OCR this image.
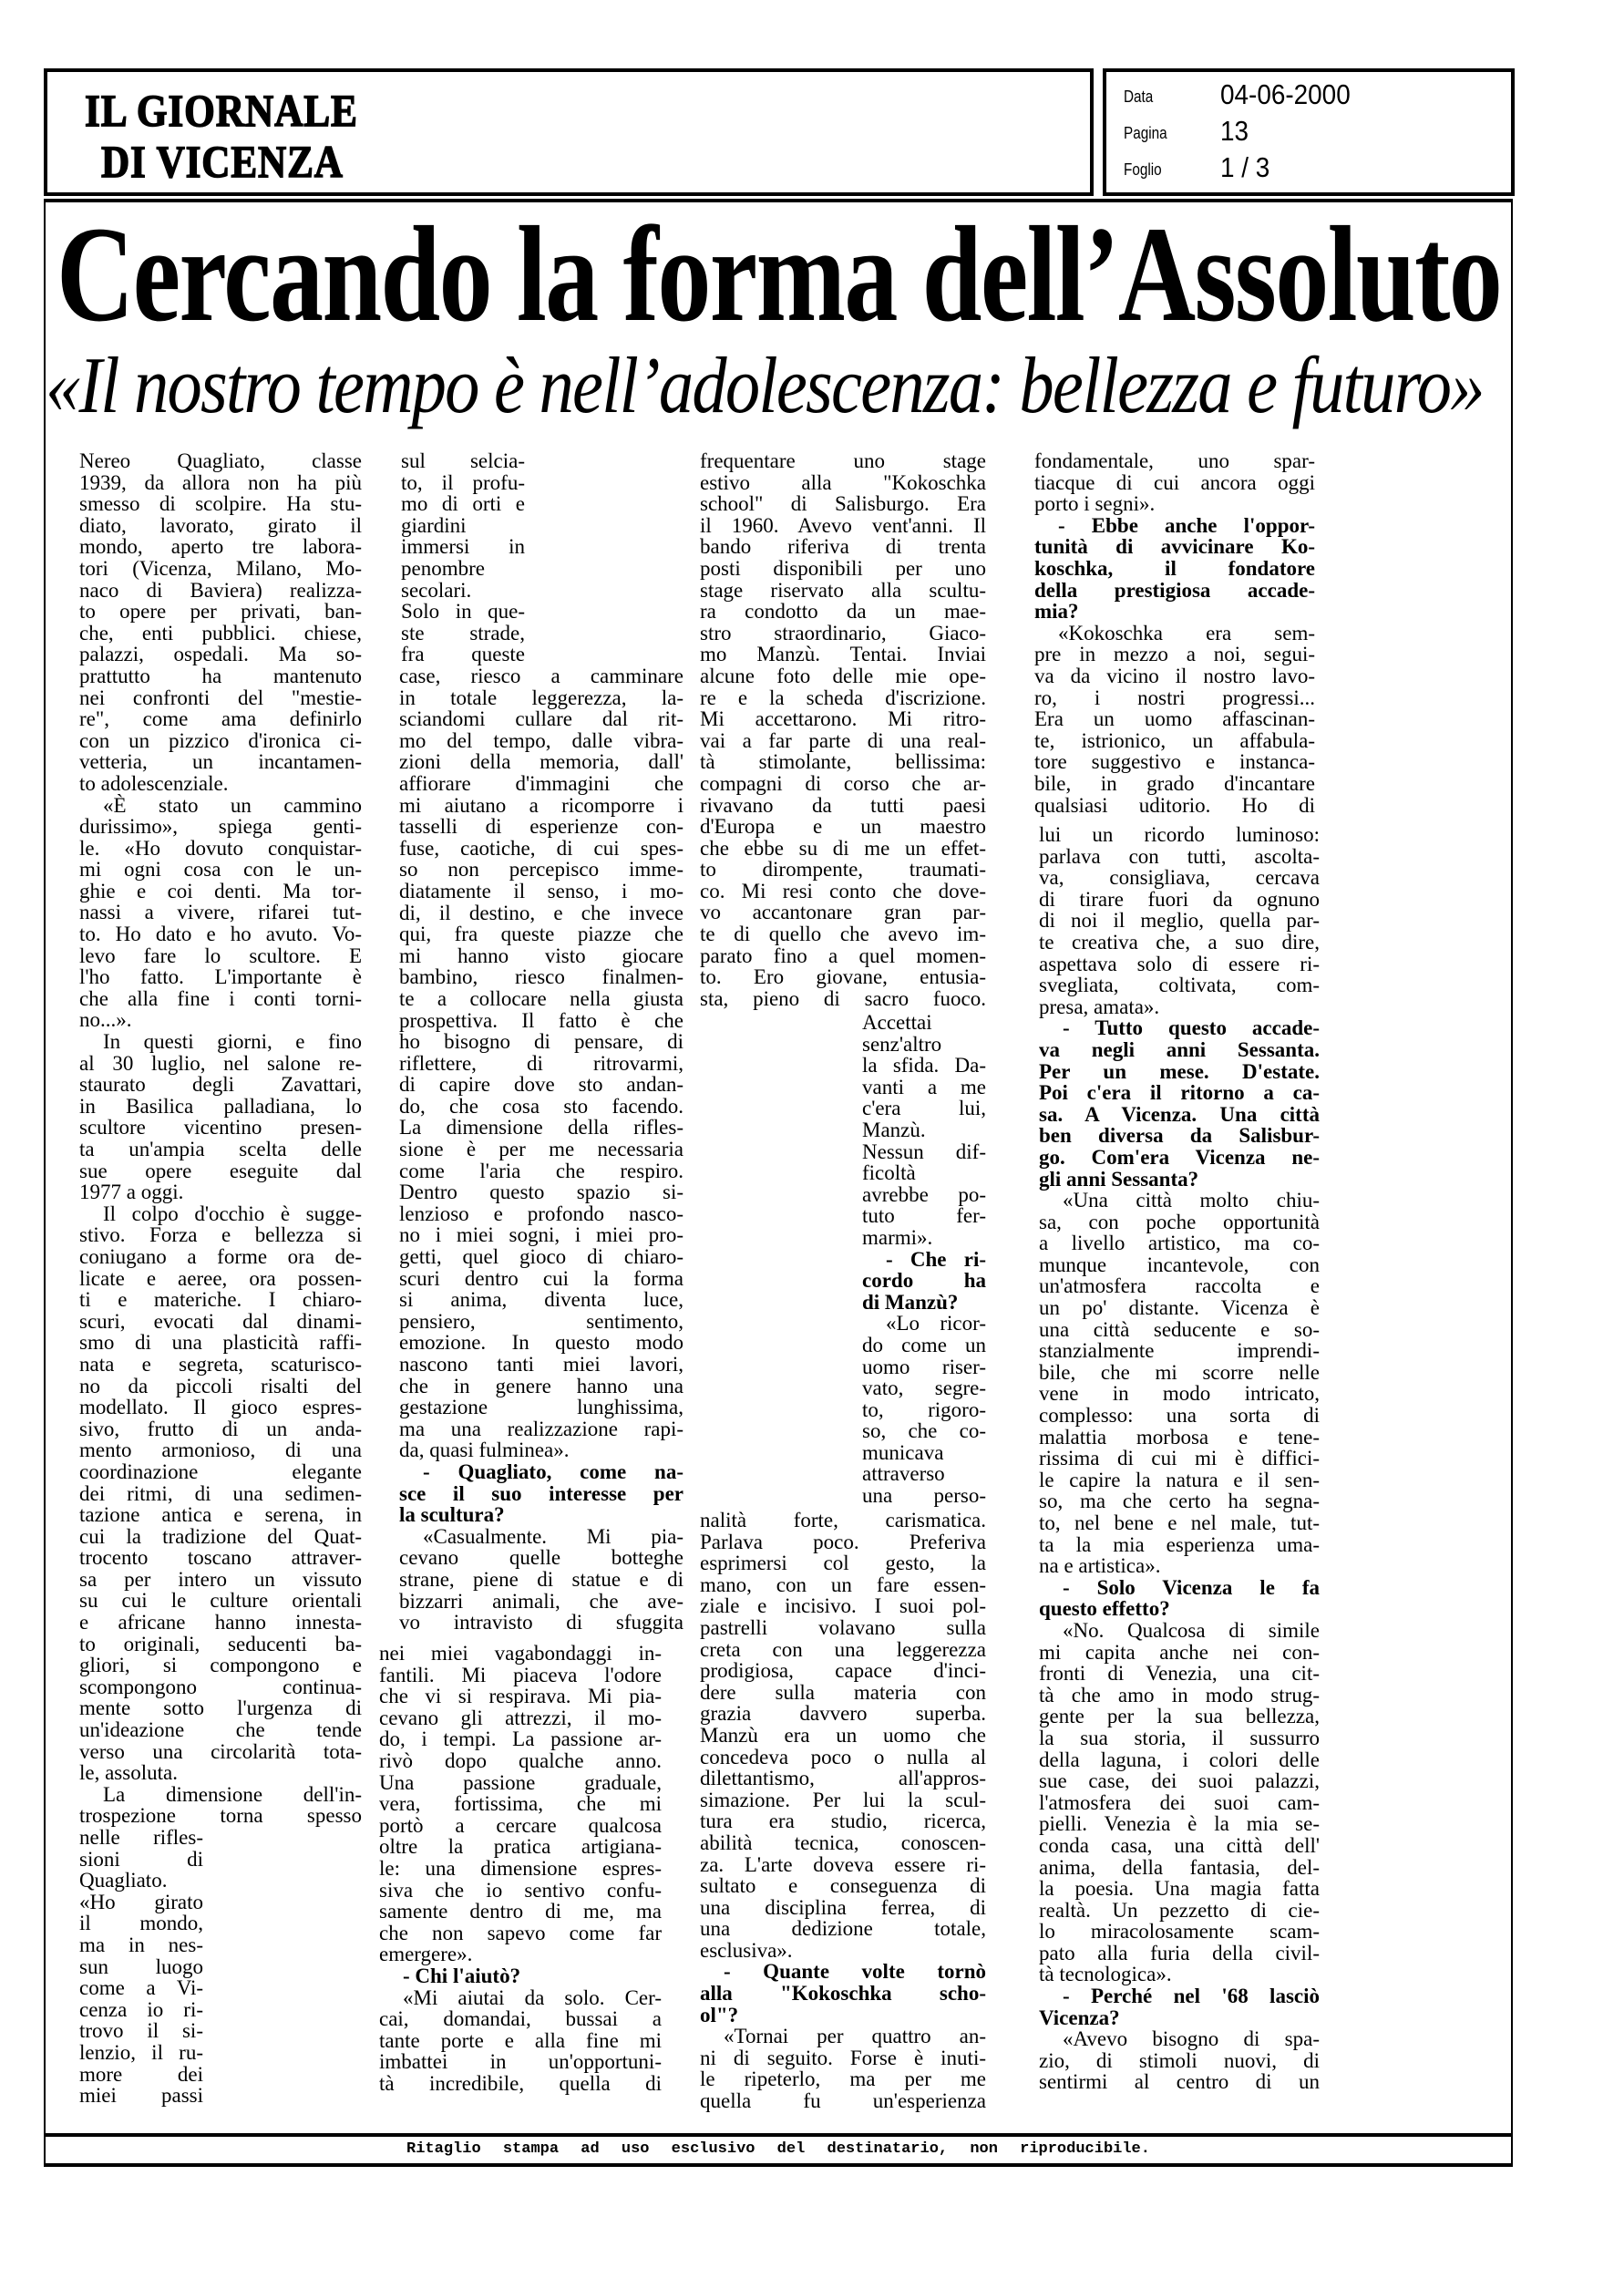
IL GIORNALE
DI VICENZA
Data 04-06-2000
Pagina 13
Foglio 1 / 3
Cercando la forma dell’Assoluto
«Il nostro tempo è nell’adolescenza: bellezza e futuro»
Nereo Quagliato, classe
1939, da allora non ha più
smesso di scolpire. Ha stu-
diato, lavorato, girato il
mondo, aperto tre labora-
tori (Vicenza, Milano, Mo-
naco di Baviera) realizza-
to opere per privati, ban-
che, enti pubblici. chiese,
palazzi, ospedali. Ma so-
prattutto ha mantenuto
nei confronti del "mestie-
re", come ama definirlo
con un pizzico d'ironica ci-
vetteria, un incantamen-
to adolescenziale.
«È stato un cammino
durissimo», spiega genti-
le. «Ho dovuto conquistar-
mi ogni cosa con le un-
ghie e coi denti. Ma tor-
nassi a vivere, rifarei tut-
to. Ho dato e ho avuto. Vo-
levo fare lo scultore. E
l'ho fatto. L'importante è
che alla fine i conti torni-
no...».
In questi giorni, e fino
al 30 luglio, nel salone re-
staurato degli Zavattari,
in Basilica palladiana, lo
scultore vicentino presen-
ta un'ampia scelta delle
sue opere eseguite dal
1977 a oggi.
Il colpo d'occhio è sugge-
stivo. Forza e bellezza si
coniugano a forme ora de-
licate e aeree, ora possen-
ti e materiche. I chiaro-
scuri, evocati dal dinami-
smo di una plasticità raffi-
nata e segreta, scaturisco-
no da piccoli risalti del
modellato. Il gioco espres-
sivo, frutto di un anda-
mento armonioso, di una
coordinazione elegante
dei ritmi, di una sedimen-
tazione antica e serena, in
cui la tradizione del Quat-
trocento toscano attraver-
sa per intero un vissuto
su cui le culture orientali
e africane hanno innesta-
to originali, seducenti ba-
gliori, si compongono e
scompongono continua-
mente sotto l'urgenza di
un'ideazione che tende
verso una circolarità tota-
le, assoluta.
La dimensione dell'in-
trospezione torna spesso
nelle rifles-
sioni di
Quagliato.
«Ho girato
il mondo,
ma in nes-
sun luogo
come a Vi-
cenza io ri-
trovo il si-
lenzio, il ru-
more dei
miei passi
sul selcia-
to, il profu-
mo di orti e
giardini
immersi in
penombre
secolari.
Solo in que-
ste strade,
fra queste
case, riesco a camminare
in totale leggerezza, la-
sciandomi cullare dal rit-
mo del tempo, dalle vibra-
zioni della memoria, dall'
affiorare d'immagini che
mi aiutano a ricomporre i
tasselli di esperienze con-
fuse, caotiche, di cui spes-
so non percepisco imme-
diatamente il senso, i mo-
di, il destino, e che invece
qui, fra queste piazze che
mi hanno visto giocare
bambino, riesco finalmen-
te a collocare nella giusta
prospettiva. Il fatto è che
ho bisogno di pensare, di
riflettere, di ritrovarmi,
di capire dove sto andan-
do, che cosa sto facendo.
La dimensione della rifles-
sione è per me necessaria
come l'aria che respiro.
Dentro questo spazio si-
lenzioso e profondo nasco-
no i miei sogni, i miei pro-
getti, quel gioco di chiaro-
scuri dentro cui la forma
si anima, diventa luce,
pensiero, sentimento,
emozione. In questo modo
nascono tanti miei lavori,
che in genere hanno una
gestazione lunghissima,
ma una realizzazione rapi-
da, quasi fulminea».
- Quagliato, come na-
sce il suo interesse per
la scultura?
«Casualmente. Mi pia-
cevano quelle botteghe
strane, piene di statue e di
bizzarri animali, che ave-
vo intravisto di sfuggita
nei miei vagabondaggi in-
fantili. Mi piaceva l'odore
che vi si respirava. Mi pia-
cevano gli attrezzi, il mo-
do, i tempi. La passione ar-
rivò dopo qualche anno.
Una passione graduale,
vera, fortissima, che mi
portò a cercare qualcosa
oltre la pratica artigiana-
le: una dimensione espres-
siva che io sentivo confu-
samente dentro di me, ma
che non sapevo come far
emergere».
- Chi l'aiutò?
«Mi aiutai da solo. Cer-
cai, domandai, bussai a
tante porte e alla fine mi
imbattei in un'opportuni-
tà incredibile, quella di
frequentare uno stage
estivo alla "Kokoschka
school" di Salisburgo. Era
il 1960. Avevo vent'anni. Il
bando riferiva di trenta
posti disponibili per uno
stage riservato alla scultu-
ra condotto da un mae-
stro straordinario, Giaco-
mo Manzù. Tentai. Inviai
alcune foto delle mie ope-
re e la scheda d'iscrizione.
Mi accettarono. Mi ritro-
vai a far parte di una real-
tà stimolante, bellissima:
compagni di corso che ar-
rivavano da tutti paesi
d'Europa e un maestro
che ebbe su di me un effet-
to dirompente, traumati-
co. Mi resi conto che dove-
vo accantonare gran par-
te di quello che avevo im-
parato fino a quel momen-
to. Ero giovane, entusia-
sta, pieno di sacro fuoco.
Accettai
senz'altro
la sfida. Da-
vanti a me
c'era lui,
Manzù.
Nessun dif-
ficoltà
avrebbe po-
tuto fer-
marmi».
- Che ri-
cordo ha
di Manzù?
«Lo ricor-
do come un
uomo riser-
vato, segre-
to, rigoro-
so, che co-
municava
attraverso
una perso-
nalità forte, carismatica.
Parlava poco. Preferiva
esprimersi col gesto, la
mano, con un fare essen-
ziale e incisivo. I suoi pol-
pastrelli volavano sulla
creta con una leggerezza
prodigiosa, capace d'inci-
dere sulla materia con
grazia davvero superba.
Manzù era un uomo che
concedeva poco o nulla al
dilettantismo, all'appros-
simazione. Per lui la scul-
tura era studio, ricerca,
abilità tecnica, conoscen-
za. L'arte doveva essere ri-
sultato e conseguenza di
una disciplina ferrea, di
una dedizione totale,
esclusiva».
- Quante volte tornò
alla "Kokoschka scho-
ol"?
«Tornai per quattro an-
ni di seguito. Forse è inuti-
le ripeterlo, ma per me
quella fu un'esperienza
fondamentale, uno spar-
tiacque di cui ancora oggi
porto i segni».
- Ebbe anche l'oppor-
tunità di avvicinare Ko-
koschka, il fondatore
della prestigiosa accade-
mia?
«Kokoschka era sem-
pre in mezzo a noi, segui-
va da vicino il nostro lavo-
ro, i nostri progressi...
Era un uomo affascinan-
te, istrionico, un affabula-
tore suggestivo e instanca-
bile, in grado d'incantare
qualsiasi uditorio. Ho di
lui un ricordo luminoso:
parlava con tutti, ascolta-
va, consigliava, cercava
di tirare fuori da ognuno
di noi il meglio, quella par-
te creativa che, a suo dire,
aspettava solo di essere ri-
svegliata, coltivata, com-
presa, amata».
- Tutto questo accade-
va negli anni Sessanta.
Per un mese. D'estate.
Poi c'era il ritorno a ca-
sa. A Vicenza. Una città
ben diversa da Salisbur-
go. Com'era Vicenza ne-
gli anni Sessanta?
«Una città molto chiu-
sa, con poche opportunità
a livello artistico, ma co-
munque incantevole, con
un'atmosfera raccolta e
un po' distante. Vicenza è
una città seducente e so-
stanzialmente imprendi-
bile, che mi scorre nelle
vene in modo intricato,
complesso: una sorta di
malattia morbosa e tene-
rissima di cui mi è diffici-
le capire la natura e il sen-
so, ma che certo ha segna-
to, nel bene e nel male, tut-
ta la mia esperienza uma-
na e artistica».
- Solo Vicenza le fa
questo effetto?
«No. Qualcosa di simile
mi capita anche nei con-
fronti di Venezia, una cit-
tà che amo in modo strug-
gente per la sua bellezza,
la sua storia, il sussurro
della laguna, i colori delle
sue case, dei suoi palazzi,
l'atmosfera dei suoi cam-
pielli. Venezia è la mia se-
conda casa, una città dell'
anima, della fantasia, del-
la poesia. Una magia fatta
realtà. Un pezzetto di cie-
lo miracolosamente scam-
pato alla furia della civil-
tà tecnologica».
- Perché nel '68 lasciò
Vicenza?
«Avevo bisogno di spa-
zio, di stimoli nuovi, di
sentirmi al centro di un
Ritaglio stampa ad uso esclusivo del destinatario, non riproducibile.
